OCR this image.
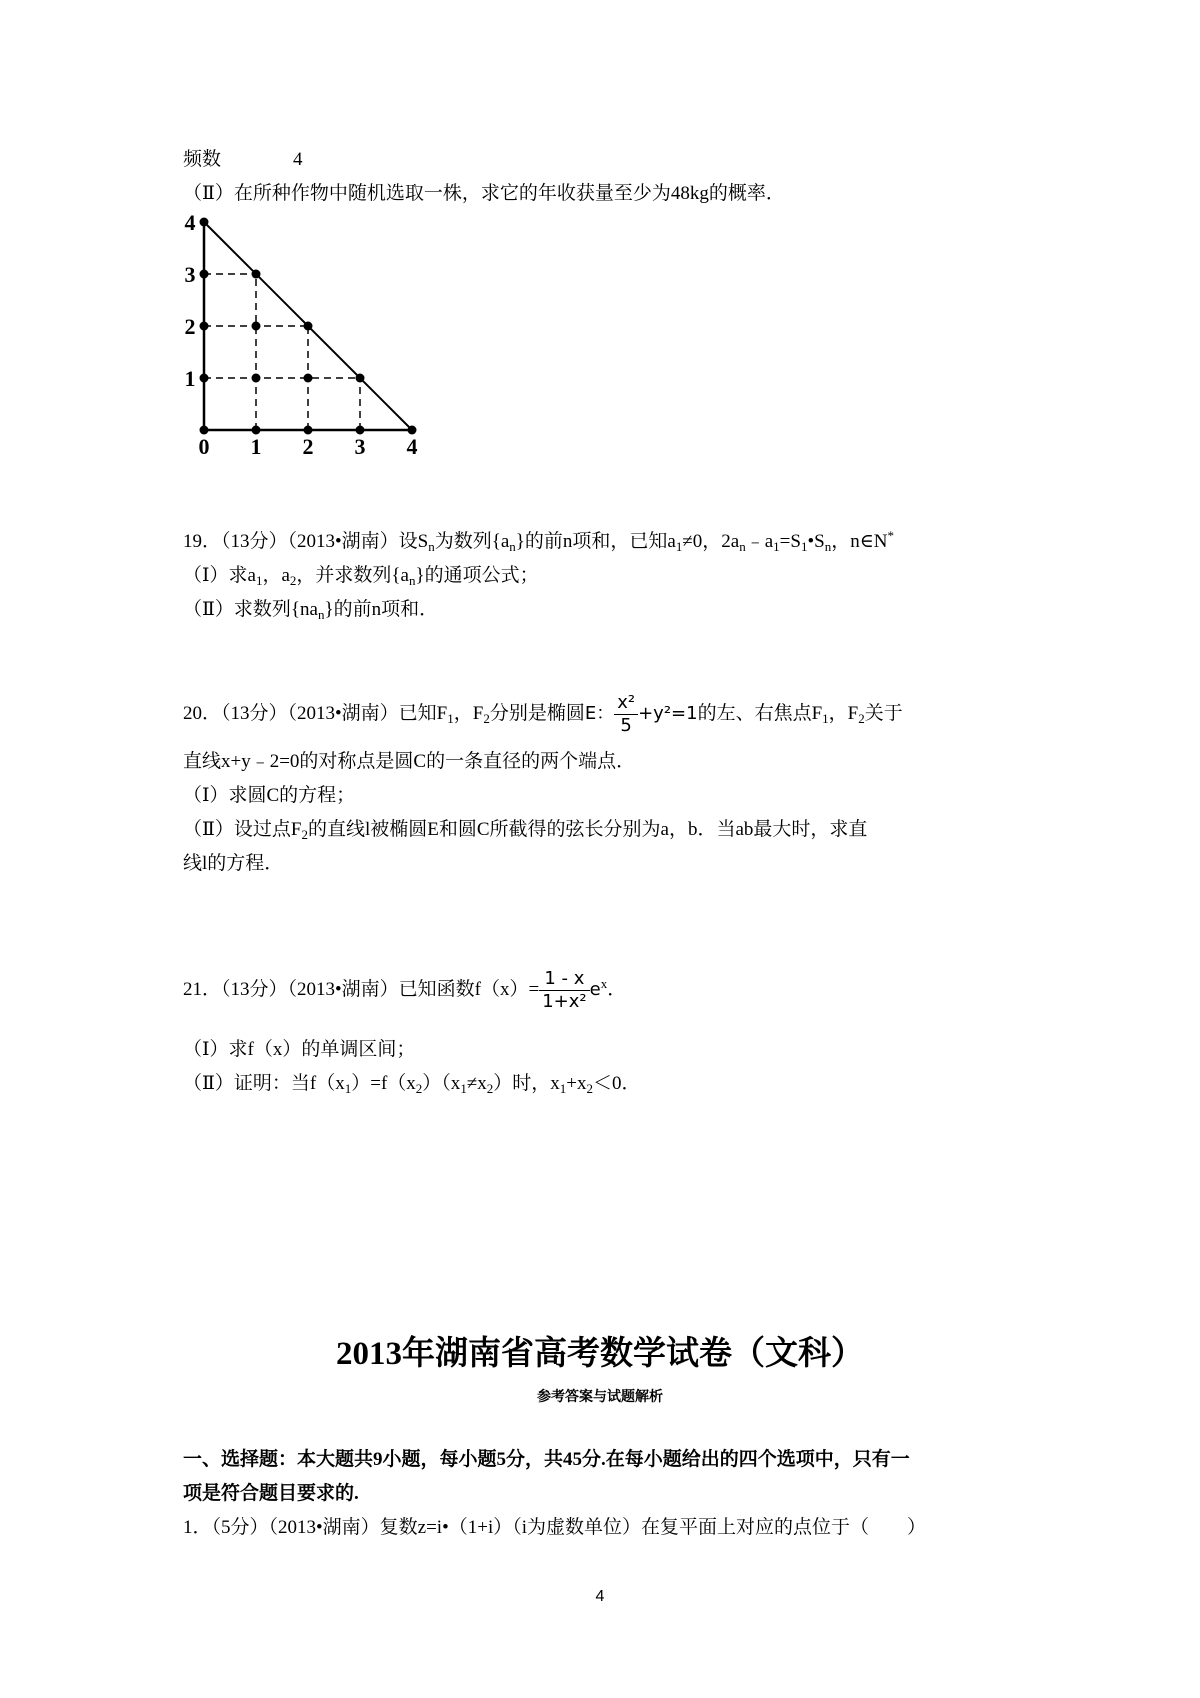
频数	4
（Ⅱ）在所种作物中随机选取一株，求它的年收获量至少为48kg的概率．
0 1 2 3 4
1
2
3
4
19．（13分）（2013•湖南）设$S_n$为数列$\{a_n\}$的前n项和，已知$a_1\ne 0$，$2a_n﹣a_1=S_1•S_n$，n∈N*
（Ⅰ）求$a_1$，$a_2$，并求数列$\{a_n\}$的通项公式；
（Ⅱ）求数列$\{na_n\}$的前n项和．
20．（13分）（2013•湖南）已知$F_1$，$F_2$分别是椭圆E： $\frac{\text{x²}}{5} +y^2=1$的左、右焦点$F_1$，$F_2$关于
直线x+y﹣2=0的对称点是圆C的一条直径的两个端点．
（Ⅰ）求圆C的方程；
（Ⅱ）设过点$F_2$的直线l被椭圆E和圆C所截得的弦长分别为a，b．当ab最大时，求直
线l的方程．
21．（13分）（2013•湖南）已知函数$f(x)= \frac{1 - x}{\text{1+x²}} e^x$．
（Ⅰ）求f（x）的单调区间；
（Ⅱ）证明：当$f(x_1)=f(x_2)(x_1\ne x_2)$时，$x_1+x_2<0$．
2013年湖南省高考数学试卷（文科）
参考答案与试题解析
一、选择题：本大题共9小题，每小题5分，共45分.在每小题给出的四个选项中，只有一
项是符合题目要求的.
1．（5分）（2013•湖南）复数z=i•（1+i）（i为虚数单位）在复平面上对应的点位于（　　）
4
